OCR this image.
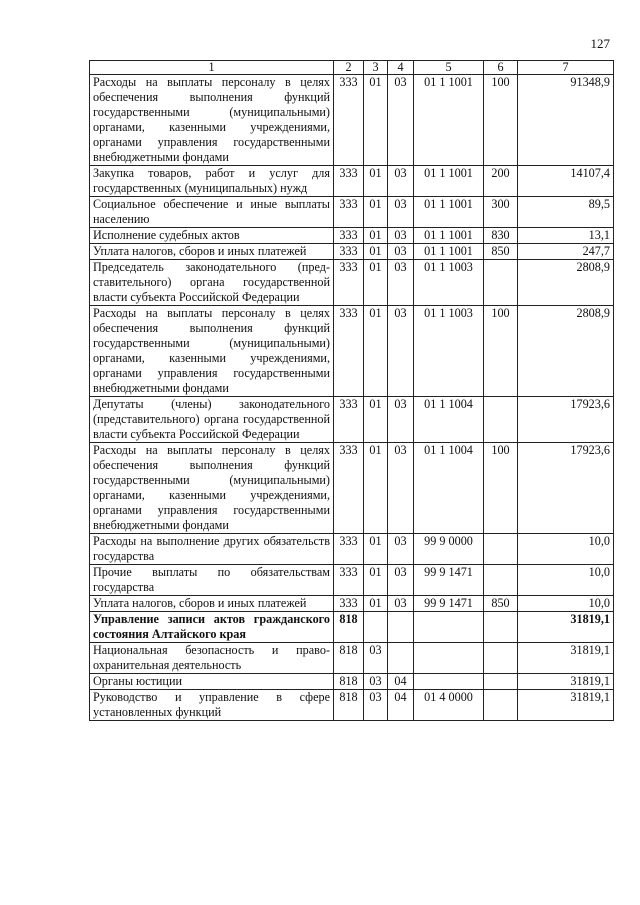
127
1	2	3	4	5	6	7
Расходы на выплаты персоналу в целях обеспечения выполнения функций государственными (муниципальными) органами, казенными учреждениями, органами управления государственными внебюджетными фондами	333	01	03	01 1 1001	100	91348,9
Закупка товаров, работ и услуг для государственных (муниципальных) нужд	333	01	03	01 1 1001	200	14107,4
Социальное обеспечение и иные выплаты населению	333	01	03	01 1 1001	300	89,5
Исполнение судебных актов	333	01	03	01 1 1001	830	13,1
Уплата налогов, сборов и иных платежей	333	01	03	01 1 1001	850	247,7
Председатель законодательного (представительного) органа государственной власти субъекта Российской Федерации	333	01	03	01 1 1003		2808,9
Расходы на выплаты персоналу в целях обеспечения выполнения функций государственными (муниципальными) органами, казенными учреждениями, органами управления государственными внебюджетными фондами	333	01	03	01 1 1003	100	2808,9
Депутаты (члены) законодательного (представительного) органа государственной власти субъекта Российской Федерации	333	01	03	01 1 1004		17923,6
Расходы на выплаты персоналу в целях обеспечения выполнения функций государственными (муниципальными) органами, казенными учреждениями, органами управления государственными внебюджетными фондами	333	01	03	01 1 1004	100	17923,6
Расходы на выполнение других обязательств государства	333	01	03	99 9 0000		10,0
Прочие выплаты по обязательствам государства	333	01	03	99 9 1471		10,0
Уплата налогов, сборов и иных платежей	333	01	03	99 9 1471	850	10,0
Управление записи актов гражданского состояния Алтайского края	818					31819,1
Национальная безопасность и правоохранительная деятельность	818	03				31819,1
Органы юстиции	818	03	04			31819,1
Руководство и управление в сфере установленных функций	818	03	04	01 4 0000		31819,1
